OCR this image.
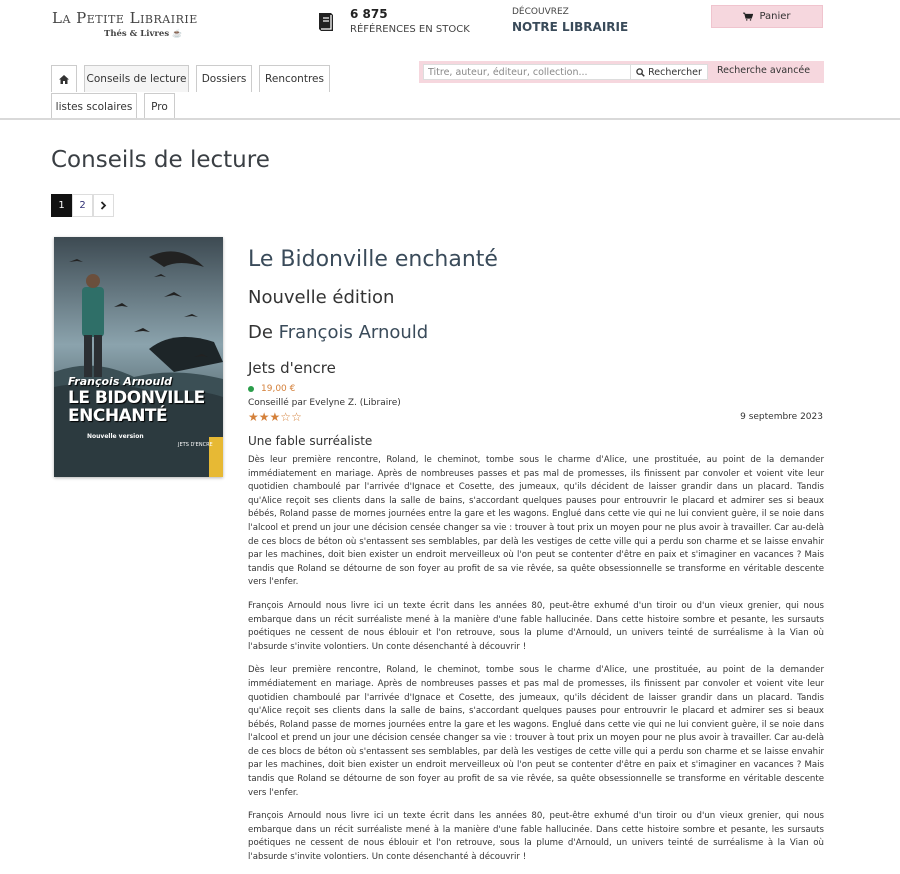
La Petite Librairie
Thés & Livres ☕
6 875
RÉFÉRENCES EN STOCK
DÉCOUVREZ
NOTRE LIBRAIRIE
Panier
Conseils de lecture Dossiers Rencontres
listes scolaires Pro
Titre, auteur, éditeur, collection...
Rechercher Recherche avancée
Conseils de lecture
1	2
François Arnould
LE BIDONVILLE
ENCHANTÉ
Nouvelle version
JETS D'ENCRE
Le Bidonville enchanté
Nouvelle édition
De François Arnould
Jets d'encre
19,00 €
Conseillé par Evelyne Z. (Libraire)
★★★☆☆	9 septembre 2023
Une fable surréaliste

Dès leur première rencontre, Roland, le cheminot, tombe sous le charme d'Alice, une prostituée, au point de la demander immédiatement en mariage. Après de nombreuses passes et pas mal de promesses, ils finissent par convoler et voient vite leur quotidien chamboulé par l'arrivée d'Ignace et Cosette, des jumeaux, qu'ils décident de laisser grandir dans un placard. Tandis qu'Alice reçoit ses clients dans la salle de bains, s'accordant quelques pauses pour entrouvrir le placard et admirer ses si beaux bébés, Roland passe de mornes journées entre la gare et les wagons. Englué dans cette vie qui ne lui convient guère, il se noie dans l'alcool et prend un jour une décision censée changer sa vie : trouver à tout prix un moyen pour ne plus avoir à travailler. Car au-delà de ces blocs de béton où s'entassent ses semblables, par delà les vestiges de cette ville qui a perdu son charme et se laisse envahir par les machines, doit bien exister un endroit merveilleux où l'on peut se contenter d'être en paix et s'imaginer en vacances ? Mais tandis que Roland se détourne de son foyer au profit de sa vie rêvée, sa quête obsessionnelle se transforme en véritable descente vers l'enfer.

François Arnould nous livre ici un texte écrit dans les années 80, peut-être exhumé d'un tiroir ou d'un vieux grenier, qui nous embarque dans un récit surréaliste mené à la manière d'une fable hallucinée. Dans cette histoire sombre et pesante, les sursauts poétiques ne cessent de nous éblouir et l'on retrouve, sous la plume d'Arnould, un univers teinté de surréalisme à la Vian où l'absurde s'invite volontiers. Un conte désenchanté à découvrir !

Dès leur première rencontre, Roland, le cheminot, tombe sous le charme d'Alice, une prostituée, au point de la demander immédiatement en mariage. Après de nombreuses passes et pas mal de promesses, ils finissent par convoler et voient vite leur quotidien chamboulé par l'arrivée d'Ignace et Cosette, des jumeaux, qu'ils décident de laisser grandir dans un placard. Tandis qu'Alice reçoit ses clients dans la salle de bains, s'accordant quelques pauses pour entrouvrir le placard et admirer ses si beaux bébés, Roland passe de mornes journées entre la gare et les wagons. Englué dans cette vie qui ne lui convient guère, il se noie dans l'alcool et prend un jour une décision censée changer sa vie : trouver à tout prix un moyen pour ne plus avoir à travailler. Car au-delà de ces blocs de béton où s'entassent ses semblables, par delà les vestiges de cette ville qui a perdu son charme et se laisse envahir par les machines, doit bien exister un endroit merveilleux où l'on peut se contenter d'être en paix et s'imaginer en vacances ? Mais tandis que Roland se détourne de son foyer au profit de sa vie rêvée, sa quête obsessionnelle se transforme en véritable descente vers l'enfer.

François Arnould nous livre ici un texte écrit dans les années 80, peut-être exhumé d'un tiroir ou d'un vieux grenier, qui nous embarque dans un récit surréaliste mené à la manière d'une fable hallucinée. Dans cette histoire sombre et pesante, les sursauts poétiques ne cessent de nous éblouir et l'on retrouve, sous la plume d'Arnould, un univers teinté de surréalisme à la Vian où l'absurde s'invite volontiers. Un conte désenchanté à découvrir !
